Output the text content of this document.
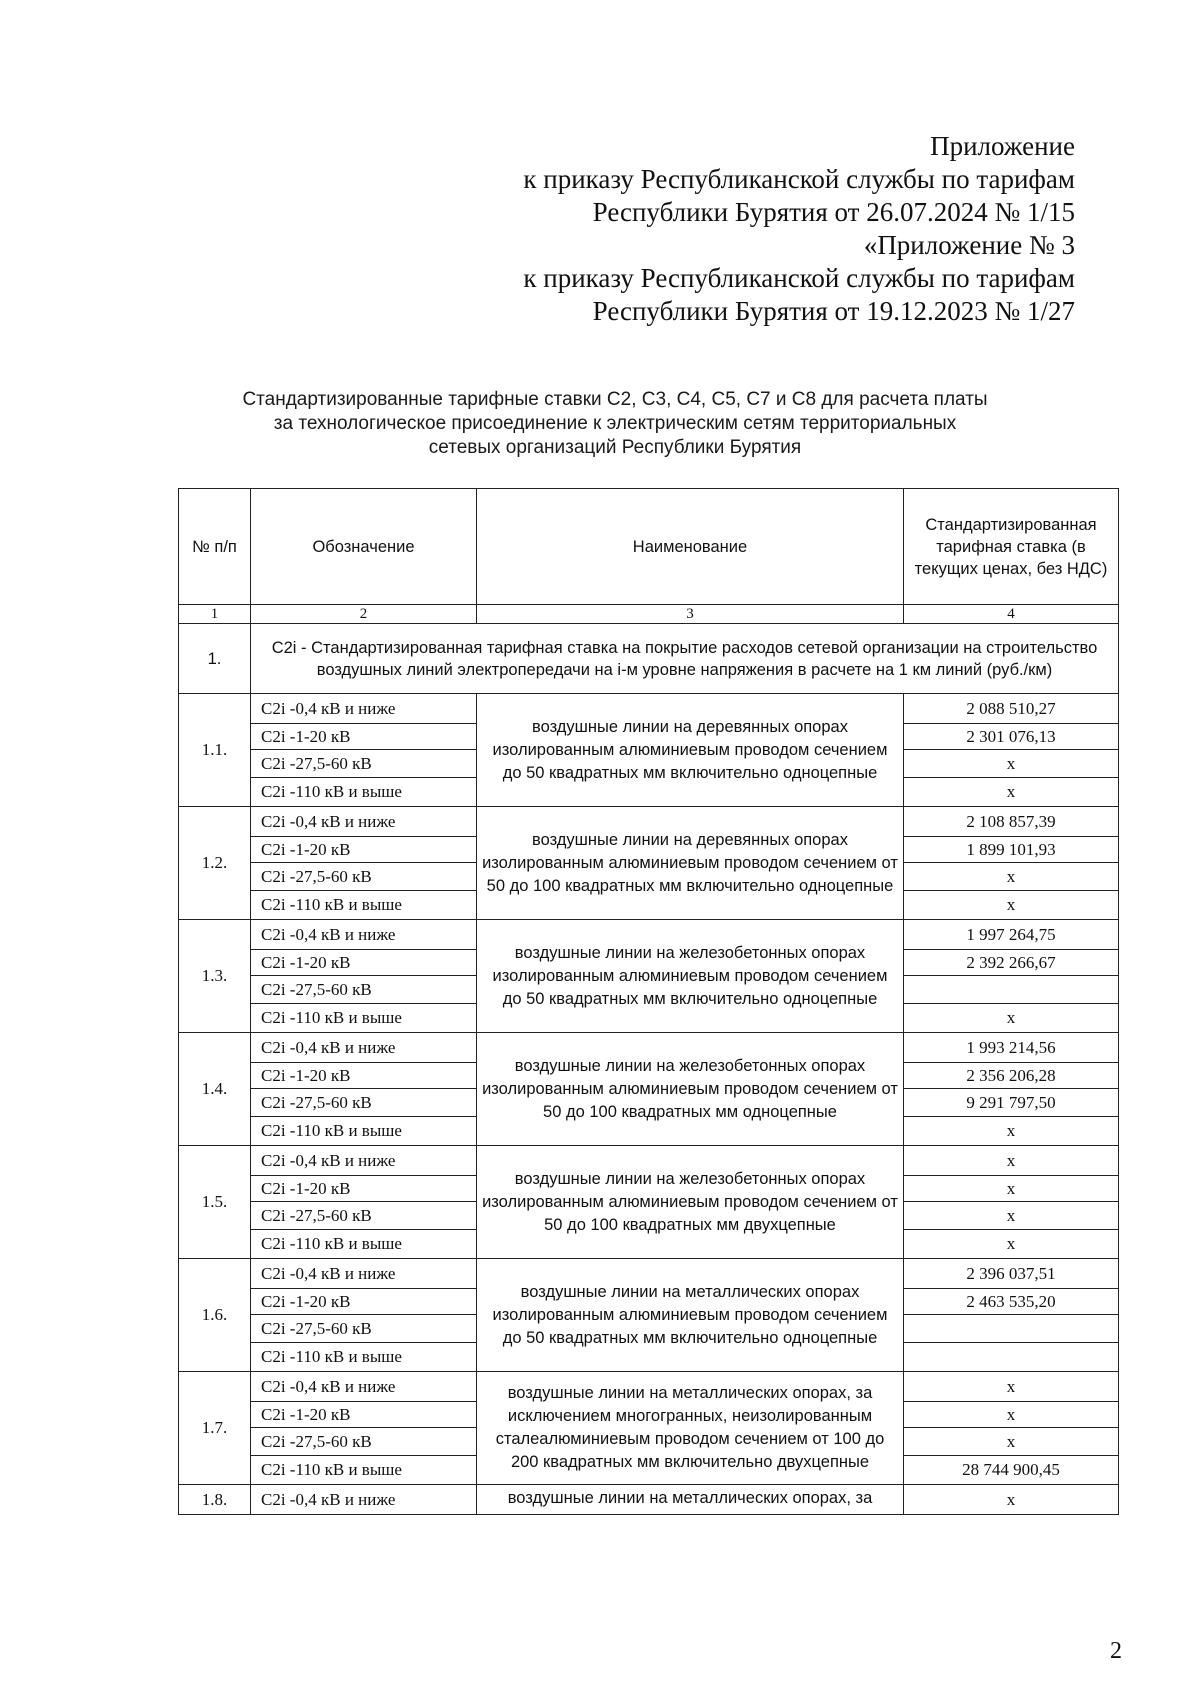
Приложение
к приказу Республиканской службы по тарифам
Республики Бурятия от 26.07.2024 № 1/15
«Приложение № 3
к приказу Республиканской службы по тарифам
Республики Бурятия от 19.12.2023 № 1/27
Стандартизированные тарифные ставки С2, С3, С4, С5, С7 и С8 для расчета платы
за технологическое присоединение к электрическим сетям территориальных
сетевых организаций Республики Бурятия
№ п/п	Обозначение	Наименование	Стандартизированная тарифная ставка (в текущих ценах, без НДС)
1	2	3	4
1.	С2i - Стандартизированная тарифная ставка на покрытие расходов сетевой организации на строительство воздушных линий электропередачи на i-м уровне напряжения в расчете на 1 км линий (руб./км)		
1.1.	С2i -0,4 кВ и ниже	воздушные линии на деревянных опорах изолированным алюминиевым проводом сечением до 50 квадратных мм включительно одноцепные	2 088 510,27
	С2i -1-20 кВ		2 301 076,13
	С2i -27,5-60 кВ		х
	С2i -110 кВ и выше		х
1.2.	С2i -0,4 кВ и ниже	воздушные линии на деревянных опорах изолированным алюминиевым проводом сечением от 50 до 100 квадратных мм включительно одноцепные	2 108 857,39
	С2i -1-20 кВ		1 899 101,93
	С2i -27,5-60 кВ		х
	С2i -110 кВ и выше		х
1.3.	С2i -0,4 кВ и ниже	воздушные линии на железобетонных опорах изолированным алюминиевым проводом сечением до 50 квадратных мм включительно одноцепные	1 997 264,75
	С2i -1-20 кВ		2 392 266,67
	С2i -27,5-60 кВ		
	С2i -110 кВ и выше		х
1.4.	С2i -0,4 кВ и ниже	воздушные линии на железобетонных опорах изолированным алюминиевым проводом сечением от 50 до 100 квадратных мм одноцепные	1 993 214,56
	С2i -1-20 кВ		2 356 206,28
	С2i -27,5-60 кВ		9 291 797,50
	С2i -110 кВ и выше		х
1.5.	С2i -0,4 кВ и ниже	воздушные линии на железобетонных опорах изолированным алюминиевым проводом сечением от 50 до 100 квадратных мм двухцепные	х
	С2i -1-20 кВ		х
	С2i -27,5-60 кВ		х
	С2i -110 кВ и выше		х
1.6.	С2i -0,4 кВ и ниже	воздушные линии на металлических опорах изолированным алюминиевым проводом сечением до 50 квадратных мм включительно одноцепные	2 396 037,51
	С2i -1-20 кВ		2 463 535,20
	С2i -27,5-60 кВ		
	С2i -110 кВ и выше		
1.7.	С2i -0,4 кВ и ниже	воздушные линии на металлических опорах, за исключением многогранных, неизолированным сталеалюминиевым проводом сечением от 100 до 200 квадратных мм включительно двухцепные	х
	С2i -1-20 кВ		х
	С2i -27,5-60 кВ		х
	С2i -110 кВ и выше		28 744 900,45
1.8.	С2i -0,4 кВ и ниже	воздушные линии на металлических опорах, за	х
2
